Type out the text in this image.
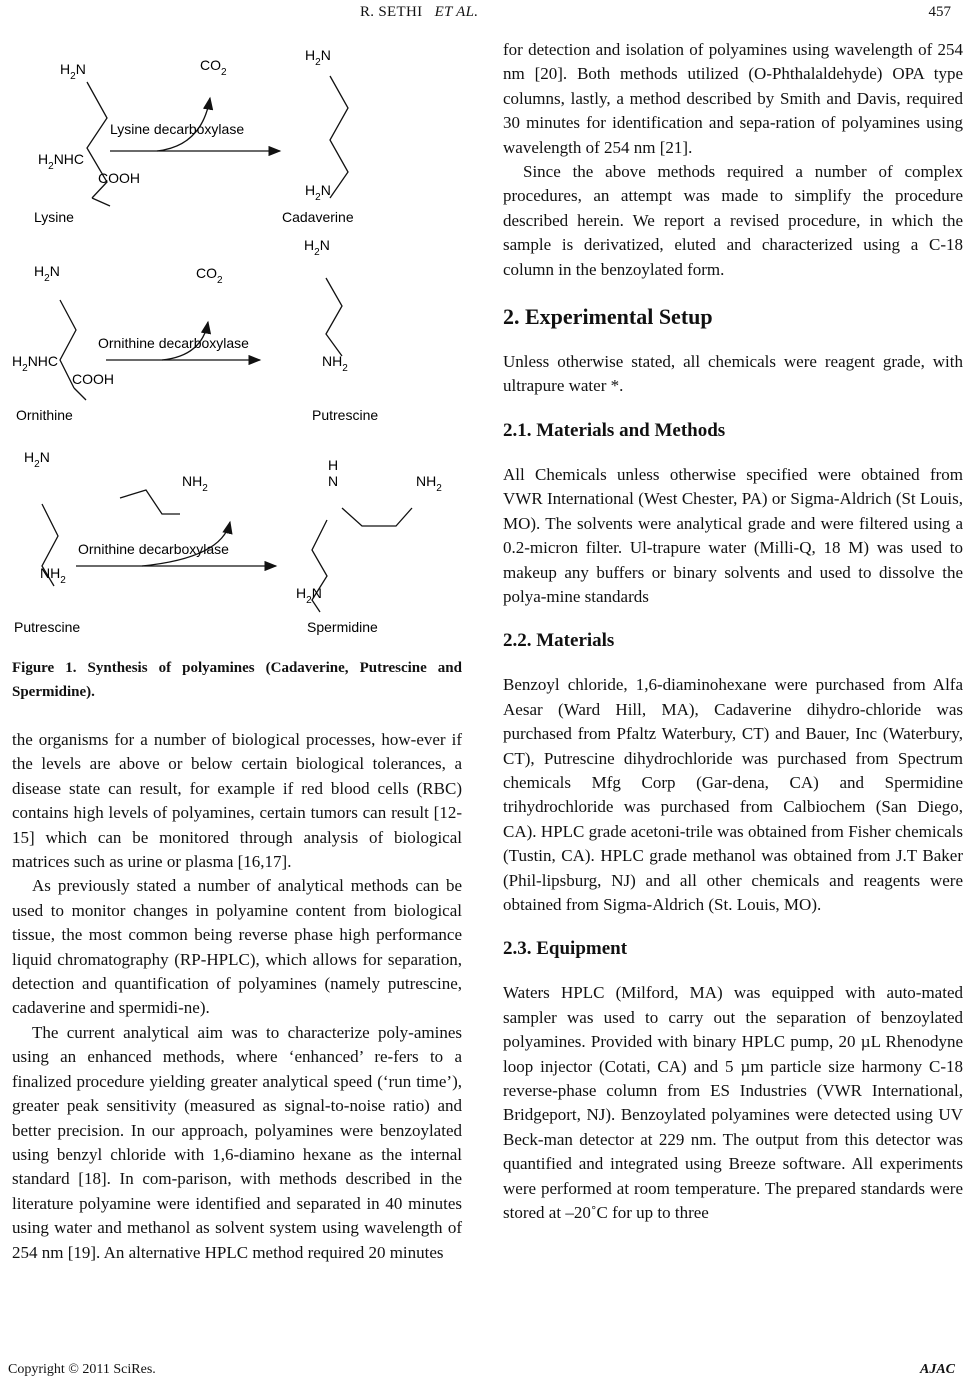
R. SETHI ET AL.	457
$H_2N$
$H_2NHC$
COOH
Lysine
$CO_2$
Lysine decarboxylase
$H_2N$
$H_2N$
Cadaverine
$H_2N$
$H_2NHC$
COOH
Ornithine
$CO_2$
Ornithine decarboxylase
$H_2N$
$NH_2$
Putrescine
$H_2N$
$NH_2$
Putrescine
$NH_2$
Ornithine decarboxylase
H
N	$NH_2$
$H_2N$
Spermidine
Figure 1. Synthesis of polyamines (Cadaverine, Putrescine and Spermidine).

the organisms for a number of biological processes, how-ever if the levels are above or below certain biological tolerances, a disease state can result, for example if red blood cells (RBC) contains high levels of polyamines, certain tumors can result [12-15] which can be monitored through analysis of biological matrices such as urine or plasma [16,17].

As previously stated a number of analytical methods can be used to monitor changes in polyamine content from biological tissue, the most common being reverse phase high performance liquid chromatography (RP-HPLC), which allows for separation, detection and quantification of polyamines (namely putrescine, cadaverine and spermidi-ne).

The current analytical aim was to characterize poly-amines using an enhanced methods, where ‘enhanced’ re-fers to a finalized procedure yielding greater analytical speed (‘run time’), greater peak sensitivity (measured as signal-to-noise ratio) and better precision. In our approach, polyamines were benzoylated using benzyl chloride with 1,6-diamino hexane as the internal standard [18]. In com-parison, with methods described in the literature polyamine were identified and separated in 40 minutes using water and methanol as solvent system using wavelength of 254 nm [19]. An alternative HPLC method required 20 minutes

for detection and isolation of polyamines using wavelength of 254 nm [20]. Both methods utilized (O-Phthalaldehyde) OPA type columns, lastly, a method described by Smith and Davis, required 30 minutes for identification and sepa-ration of polyamines using wavelength of 254 nm [21].

Since the above methods required a number of complex procedures, an attempt was made to simplify the procedure described herein. We report a revised procedure, in which the sample is derivatized, eluted and characterized using a C-18 column in the benzoylated form.

2. Experimental Setup

Unless otherwise stated, all chemicals were reagent grade, with ultrapure water *.

2.1. Materials and Methods

All Chemicals unless otherwise specified were obtained from VWR International (West Chester, PA) or Sigma-Aldrich (St Louis, MO). The solvents were analytical grade and were filtered using a 0.2-micron filter. Ul-trapure water (Milli-Q, 18 M) was used to makeup any buffers or binary solvents and used to dissolve the polya-mine standards

2.2. Materials

Benzoyl chloride, 1,6-diaminohexane were purchased from Alfa Aesar (Ward Hill, MA), Cadaverine dihydro-chloride was purchased from Pfaltz Waterbury, CT) and Bauer, Inc (Waterbury, CT), Putrescine dihydrochloride was purchased from Spectrum chemicals Mfg Corp (Gar-dena, CA) and Spermidine trihydrochloride was purchased from Calbiochem (San Diego, CA). HPLC grade acetoni-trile was obtained from Fisher chemicals (Tustin, CA). HPLC grade methanol was obtained from J.T Baker (Phil-lipsburg, NJ) and all other chemicals and reagents were obtained from Sigma-Aldrich (St. Louis, MO).

2.3. Equipment

Waters HPLC (Milford, MA) was equipped with auto-mated sampler was used to carry out the separation of benzoylated polyamines. Provided with binary HPLC pump, 20 µL Rhenodyne loop injector (Cotati, CA) and 5 µm particle size harmony C-18 reverse-phase column from ES Industries (VWR International, Bridgeport, NJ). Benzoylated polyamines were detected using UV Beck-man detector at 229 nm. The output from this detector was quantified and integrated using Breeze software. All experiments were performed at room temperature. The prepared standards were stored at –20˚C for up to three

Copyright © 2011 SciRes.	AJAC
